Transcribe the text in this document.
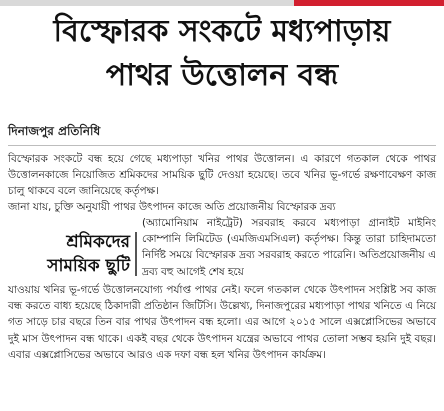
বিস্ফোরক সংকটে মধ্যপাড়ায়
পাথর উত্তোলন বন্ধ
দিনাজপুর প্রতিনিধি
বিস্ফোরক সংকটে বন্ধ হয়ে গেছে মধ্যপাড়া খনির পাথর উত্তোলন। এ কারণে গতকাল থেকে পাথর উত্তোলনকাজে নিয়োজিত শ্রমিকদের সাময়িক ছুটি দেওয়া হয়েছে। তবে খনির ভূ-গর্ভে রক্ষণাবেক্ষণ কাজ চালু থাকবে বলে জানিয়েছে কর্তৃপক্ষ।
জানা যায়, চুক্তি অনুযায়ী পাথর উৎপাদন কাজে অতি প্রয়োজনীয় বিস্ফোরক দ্রব্য
শ্রমিকদের
সাময়িক ছুটি
(অ্যামোনিয়াম নাইট্রেট) সরবরাহ করবে মধ্যপাড়া গ্রানাইট মাইনিং কোম্পানি লিমিটেড (এমজিএমসিএল) কর্তৃপক্ষ। কিন্তু তারা চাহিদামতো নির্দিষ্ট সময়ে বিস্ফোরক দ্রব্য সরবরাহ করতে পারেনি। অতিপ্রয়োজনীয় এ দ্রব্য বহু আগেই শেষ হয়ে
যাওয়ায় খনির ভূ-গর্ভে উত্তোলনযোগ্য পর্যাপ্ত পাথর নেই। ফলে গতকাল থেকে উৎপাদন সংশ্লিষ্ট সব কাজ বন্ধ করতে বাধ্য হয়েছে ঠিকাদারী প্রতিষ্ঠান জিটিসি। উল্লেখ্য, দিনাজপুরের মধ্যপাড়া পাথর খনিতে এ নিয়ে গত সাড়ে চার বছরে তিন বার পাথর উৎপাদন বন্ধ হলো। এর আগে ২০১৫ সালে এক্সপ্লোসিভের অভাবে দুই মাস উৎপাদন বন্ধ থাকে। একই বছর থেকে উৎপাদন যন্ত্রের অভাবে পাথর তোলা সম্ভব হয়নি দুই বছর। এবার এক্সপ্লোসিভের অভাবে আরও এক দফা বন্ধ হল খনির উৎপাদন কার্যক্রম।
